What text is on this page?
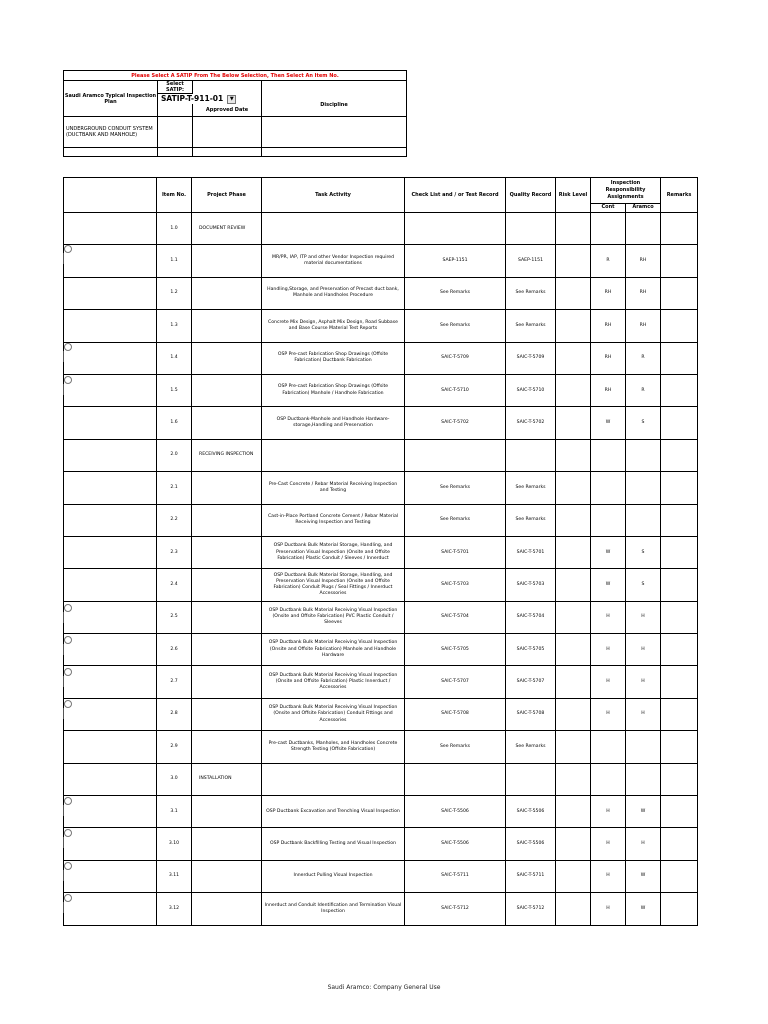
Please Select A SATIP From The Below Selection, Then Select An Item No.			
Saudi Aramco Typical Inspection Plan	Select SATIP:		
	SATIP-T-911-01 ▼		Discipline
		Approved Date	
UNDERGROUND CONDUIT SYSTEM (DUCTBANK AND MANHOLE)			

	Item No.	Project Phase	Task Activity	Check List and / or Test Record	Quality Record	Risk Level	Inspection Responsibility Assignments		Remarks
							Cont	Aramco	
	1.0	DOCUMENT REVIEW							
	1.1		MR/PR, IAP, ITP and other Vendor Inspection required material documentations	SAEP-1151	SAEP-1151		R	RH	
	1.2		Handling,Storage, and Preservation of Precast duct bank, Manhole and Handholes Procedure	See Remarks	See Remarks		RH	RH	
	1.3		Concrete Mix Design, Asphalt Mix Design, Road Subbase and Base Course Material Test Reports	See Remarks	See Remarks		RH	RH	
	1.4		OSP Pre-cast Fabrication Shop Drawings (Offsite Fabrication) Ductbank Fabrication	SAIC-T-5709	SAIC-T-5709		RH	R	
	1.5		OSP Pre-cast Fabrication Shop Drawings (Offsite Fabrication) Manhole / Handhole Fabrication	SAIC-T-5710	SAIC-T-5710		RH	R	
	1.6		OSP Ductbank-Manhole and Handhole Hardware-storage,Handling and Preservation	SAIC-T-5702	SAIC-T-5702		W	S	
	2.0	RECEIVING INSPECTION							
	2.1		Pre-Cast Concrete / Rebar Material Receiving Inspection and Testing	See Remarks	See Remarks				
	2.2		Cast-in-Place Portland Concrete Cement / Rebar Material Receiving Inspection and Testing	See Remarks	See Remarks				
	2.3		OSP Ductbank Bulk Material Storage, Handling, and Preservation Visual Inspection (Onsite and Offsite Fabrication) Plastic Conduit / Sleeves / Innerduct	SAIC-T-5701	SAIC-T-5701		W	S	
	2.4		OSP Ductbank Bulk Material Storage, Handling, and Preservation Visual Inspection (Onsite and Offsite Fabrication) Conduit Plugs / Seal Fittings / Innerduct Accessories	SAIC-T-5703	SAIC-T-5703		W	S	
	2.5		OSP Ductbank Bulk Material Receiving Visual Inspection (Onsite and Offsite Fabrication) PVC Plastic Conduit / Sleeves	SAIC-T-5704	SAIC-T-5704		H	H	
	2.6		OSP Ductbank Bulk Material Receiving Visual Inspection (Onsite and Offsite Fabrication) Manhole and Handhole Hardware	SAIC-T-5705	SAIC-T-5705		H	H	
	2.7		OSP Ductbank Bulk Material Receiving Visual Inspection (Onsite and Offsite Fabrication) Plastic Innerduct / Accessories	SAIC-T-5707	SAIC-T-5707		H	H	
	2.8		OSP Ductbank Bulk Material Receiving Visual Inspection (Onsite and Offsite Fabrication) Conduit Fittings and Accessories	SAIC-T-5708	SAIC-T-5708		H	H	
	2.9		Pre-cast Ductbanks, Manholes, and Handholes Concrete Strength Testing (Offsite Fabrication)	See Remarks	See Remarks				
	3.0	INSTALLATION							
	3.1		OSP Ductbank Excavation and Trenching Visual Inspection	SAIC-T-5506	SAIC-T-5506		H	W	
	3.10		OSP Ductbank Backfilling Testing and Visual Inspection	SAIC-T-5506	SAIC-T-5506		H	H	
	3.11		Innerduct Pulling Visual Inspection	SAIC-T-5711	SAIC-T-5711		H	W	
	3.12		Innerduct and Conduit Identification and Termination Visual Inspection	SAIC-T-5712	SAIC-T-5712		H	W	
Saudi Aramco: Company General Use
